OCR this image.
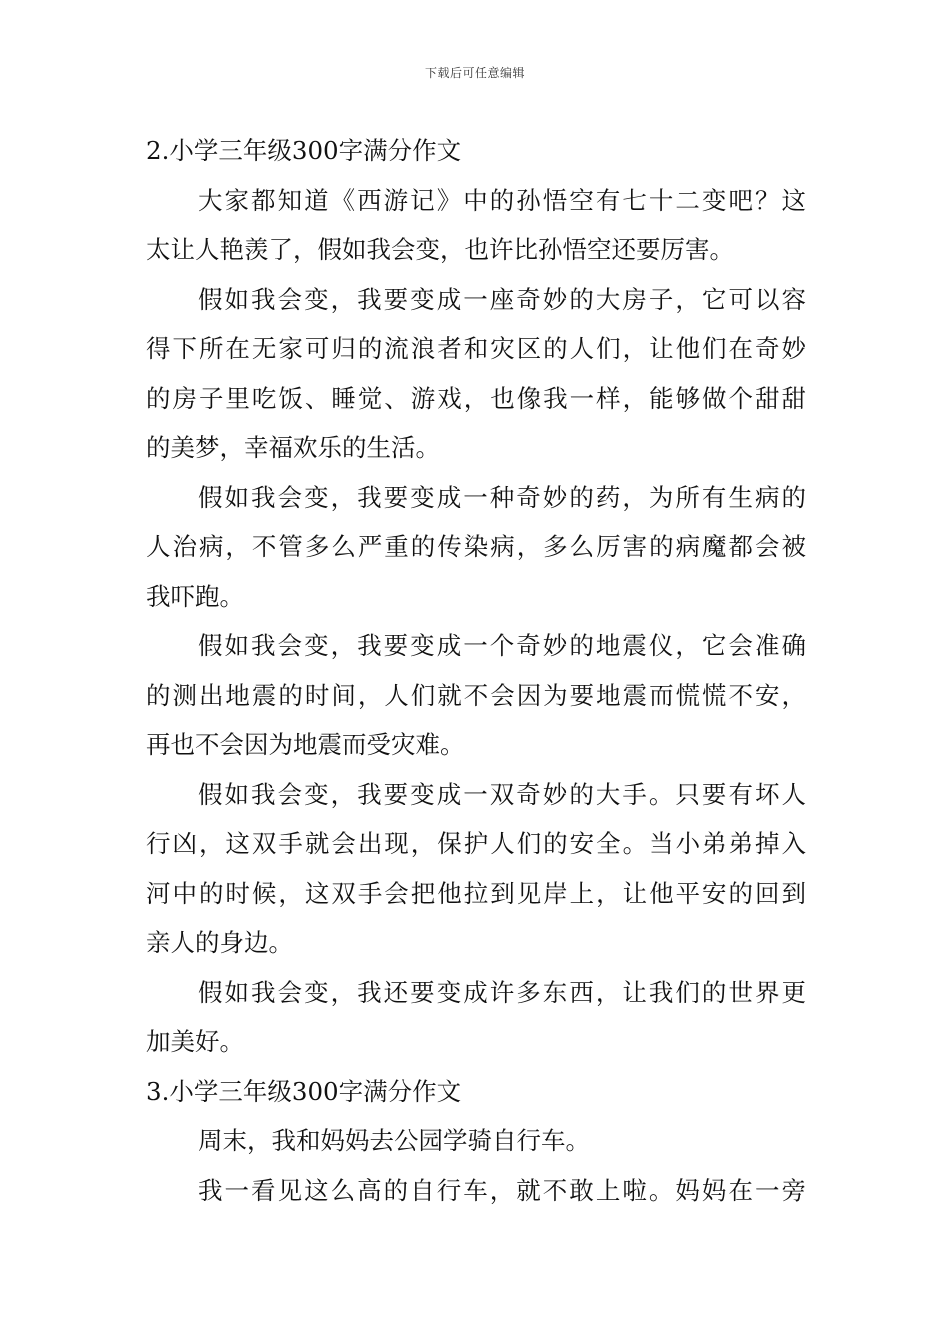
下载后可任意编辑
2.小学三年级300字满分作文
大家都知道《西游记》中的孙悟空有七十二变吧？这
太让人艳羡了，假如我会变，也许比孙悟空还要厉害。
假如我会变，我要变成一座奇妙的大房子，它可以容
得下所在无家可归的流浪者和灾区的人们，让他们在奇妙
的房子里吃饭、睡觉、游戏，也像我一样，能够做个甜甜
的美梦，幸福欢乐的生活。
假如我会变，我要变成一种奇妙的药，为所有生病的
人治病，不管多么严重的传染病，多么厉害的病魔都会被
我吓跑。
假如我会变，我要变成一个奇妙的地震仪，它会准确
的测出地震的时间，人们就不会因为要地震而慌慌不安，
再也不会因为地震而受灾难。
假如我会变，我要变成一双奇妙的大手。只要有坏人
行凶，这双手就会出现，保护人们的安全。当小弟弟掉入
河中的时候，这双手会把他拉到见岸上，让他平安的回到
亲人的身边。
假如我会变，我还要变成许多东西，让我们的世界更
加美好。
3.小学三年级300字满分作文
周末，我和妈妈去公园学骑自行车。
我一看见这么高的自行车，就不敢上啦。妈妈在一旁
